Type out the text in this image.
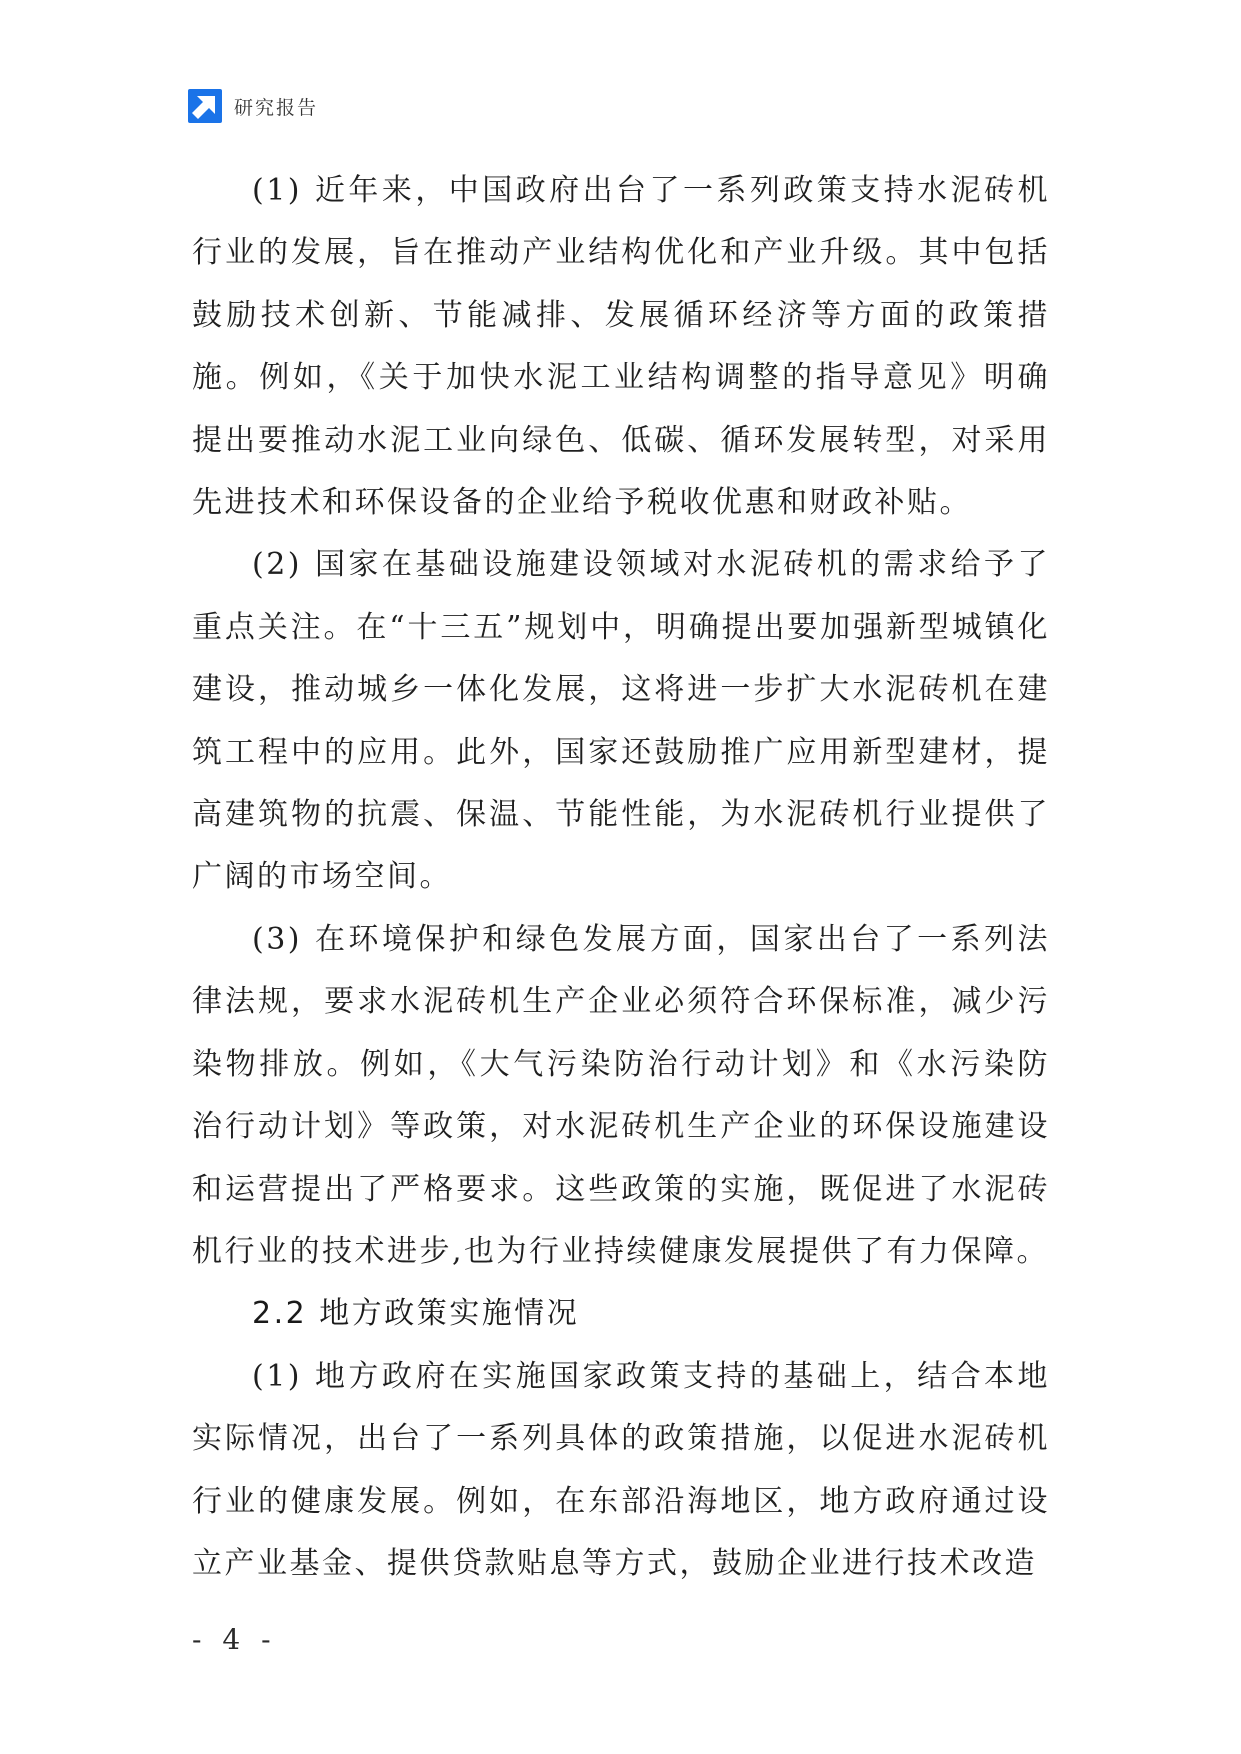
研究报告

(1) 近年来，中国政府出台了一系列政策支持水泥砖机行业的发展，旨在推动产业结构优化和产业升级。其中包括鼓励技术创新、节能减排、发展循环经济等方面的政策措施。例如，《关于加快水泥工业结构调整的指导意见》明确提出要推动水泥工业向绿色、低碳、循环发展转型，对采用先进技术和环保设备的企业给予税收优惠和财政补贴。

(2) 国家在基础设施建设领域对水泥砖机的需求给予了重点关注。在“十三五”规划中，明确提出要加强新型城镇化建设，推动城乡一体化发展，这将进一步扩大水泥砖机在建筑工程中的应用。此外，国家还鼓励推广应用新型建材，提高建筑物的抗震、保温、节能性能，为水泥砖机行业提供了广阔的市场空间。

(3) 在环境保护和绿色发展方面，国家出台了一系列法律法规，要求水泥砖机生产企业必须符合环保标准，减少污染物排放。例如，《大气污染防治行动计划》和《水污染防治行动计划》等政策，对水泥砖机生产企业的环保设施建设和运营提出了严格要求。这些政策的实施，既促进了水泥砖机行业的技术进步,也为行业持续健康发展提供了有力保障。

2.2 地方政策实施情况

(1) 地方政府在实施国家政策支持的基础上，结合本地实际情况，出台了一系列具体的政策措施，以促进水泥砖机行业的健康发展。例如，在东部沿海地区，地方政府通过设立产业基金、提供贷款贴息等方式，鼓励企业进行技术改造

- 4 -
